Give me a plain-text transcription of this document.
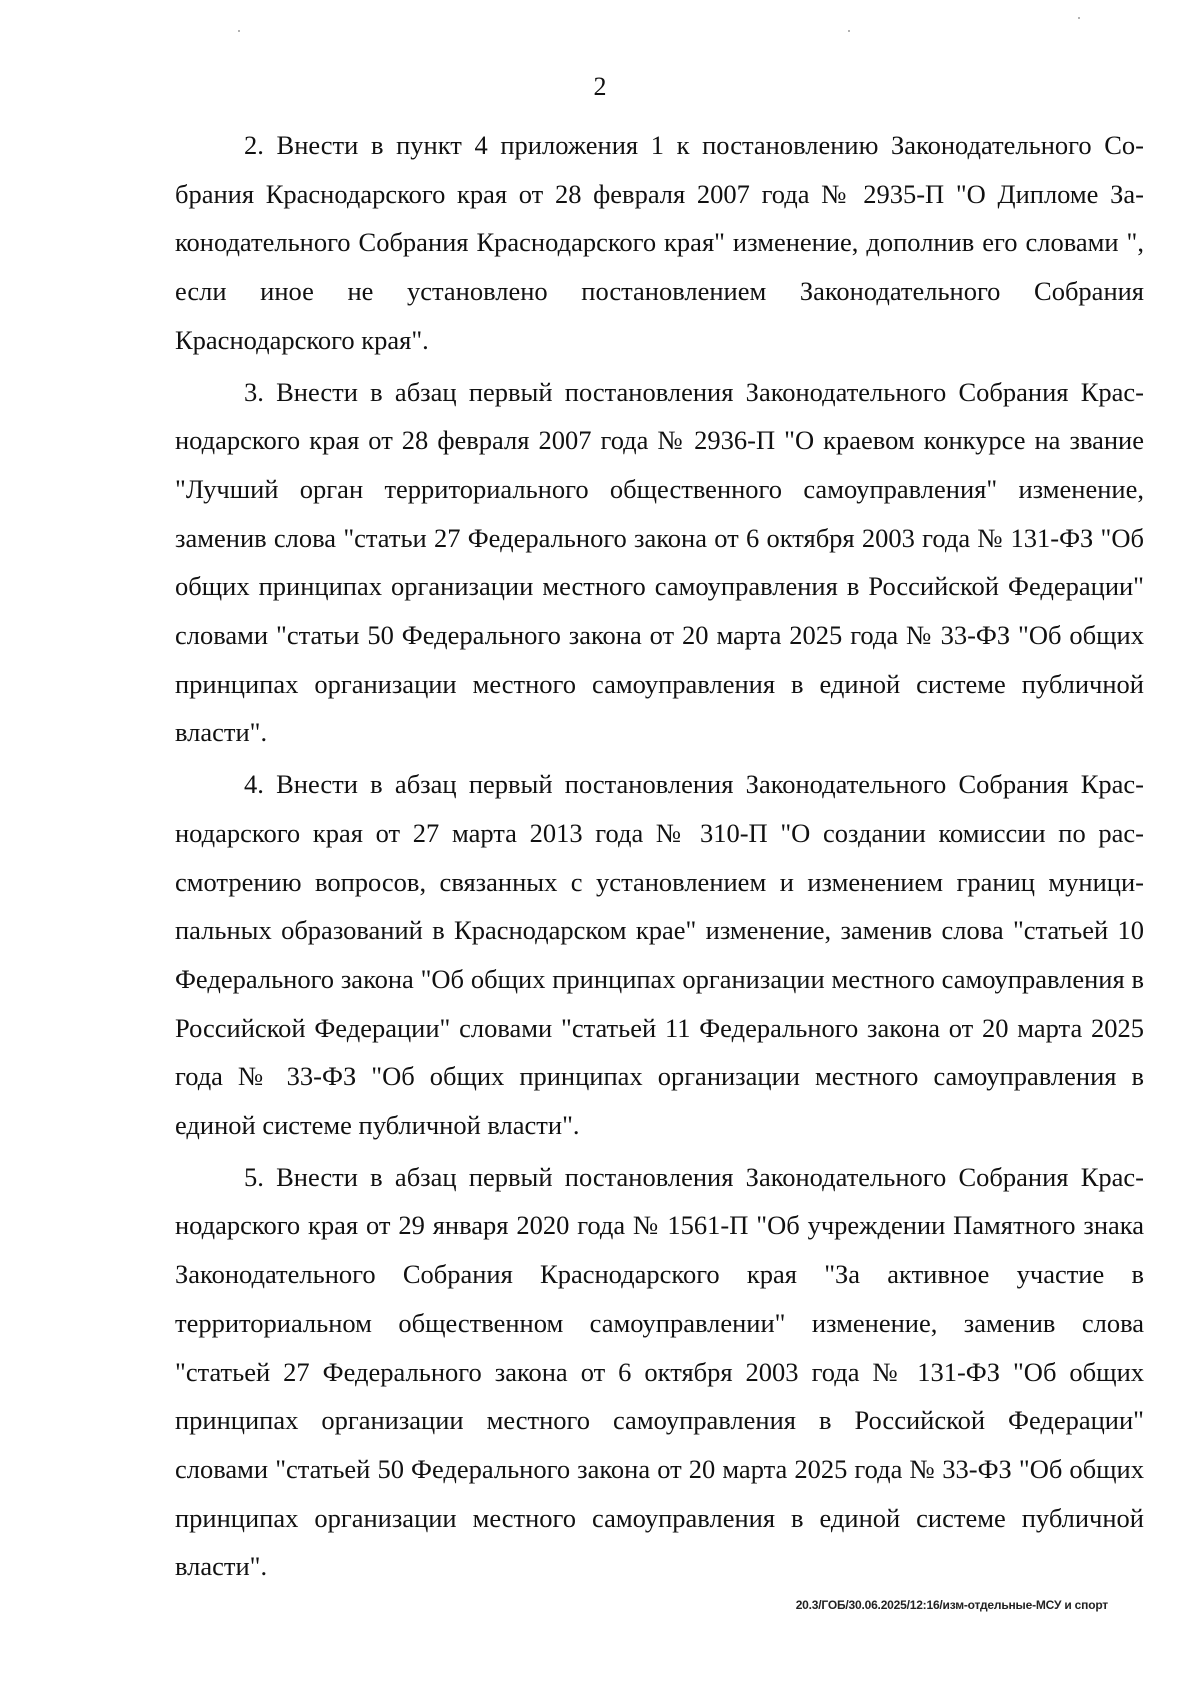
2

2. Внести в пункт 4 приложения 1 к постановлению Законодательного Собрания Краснодарского края от 28 февраля 2007 года № 2935-П "О Дипломе Законодательного Собрания Краснодарского края" изменение, дополнив его словами ", если иное не установлено постановлением Законодательного Собрания Краснодарского края".

3. Внести в абзац первый постановления Законодательного Собрания Краснодарского края от 28 февраля 2007 года № 2936-П "О краевом конкурсе на звание "Лучший орган территориального общественного самоуправления" изменение, заменив слова "статьи 27 Федерального закона от 6 октября 2003 года № 131-ФЗ "Об общих принципах организации местного самоуправления в Российской Федерации" словами "статьи 50 Федерального закона от 20 марта 2025 года № 33-ФЗ "Об общих принципах организации местного самоуправления в единой системе публичной власти".

4. Внести в абзац первый постановления Законодательного Собрания Краснодарского края от 27 марта 2013 года № 310-П "О создании комиссии по рассмотрению вопросов, связанных с установлением и изменением границ муниципальных образований в Краснодарском крае" изменение, заменив слова "статьей 10 Федерального закона "Об общих принципах организации местного самоуправления в Российской Федерации" словами "статьей 11 Федерального закона от 20 марта 2025 года № 33-ФЗ "Об общих принципах организации местного самоуправления в единой системе публичной власти".

5. Внести в абзац первый постановления Законодательного Собрания Краснодарского края от 29 января 2020 года № 1561-П "Об учреждении Памятного знака Законодательного Собрания Краснодарского края "За активное участие в территориальном общественном самоуправлении" изменение, заменив слова "статьей 27 Федерального закона от 6 октября 2003 года № 131-ФЗ "Об общих принципах организации местного самоуправления в Российской Федерации" словами "статьей 50 Федерального закона от 20 марта 2025 года № 33-ФЗ "Об общих принципах организации местного самоуправления в единой системе публичной власти".

20.3/ГОБ/30.06.2025/12:16/изм-отдельные-МСУ и спорт
